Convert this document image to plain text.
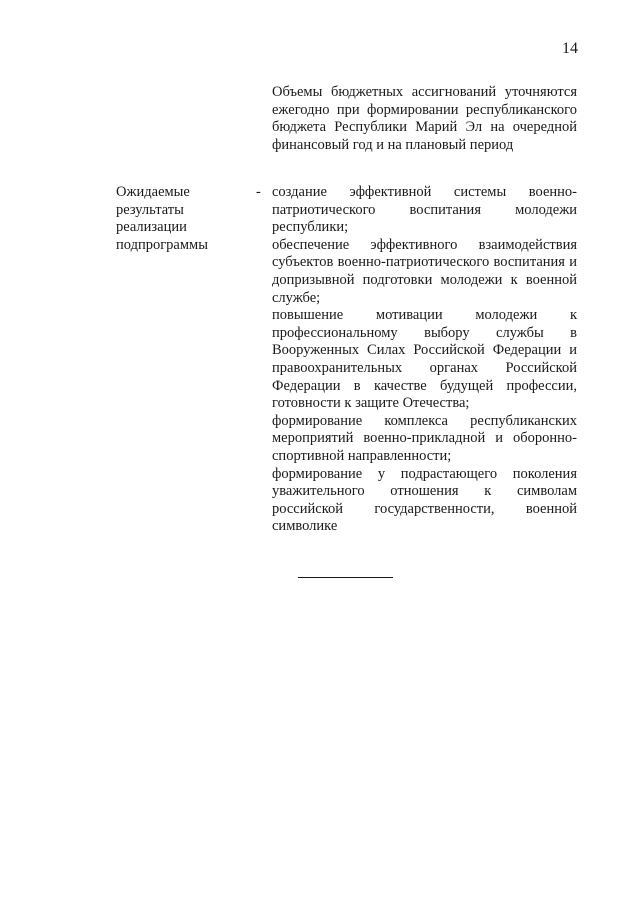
14
Объемы бюджетных ассигнований уточняются ежегодно при формировании республиканского бюджета Республики Марий Эл на очередной финансовый год и на плановый период
Ожидаемые
результаты
реализации
подпрограммы
- создание эффективной системы военно-патриотического воспитания молодежи республики;

обеспечение эффективного взаимодействия субъектов военно-патриотического воспитания и допризывной подготовки молодежи к военной службе;

повышение мотивации молодежи к профессиональному выбору службы в Вооруженных Силах Российской Федерации и правоохранительных органах Российской Федерации в качестве будущей профессии, готовности к защите Отечества;

формирование комплекса республиканских мероприятий военно-прикладной и оборонно-спортивной направленности;

формирование у подрастающего поколения уважительного отношения к символам российской государственности, военной символике
